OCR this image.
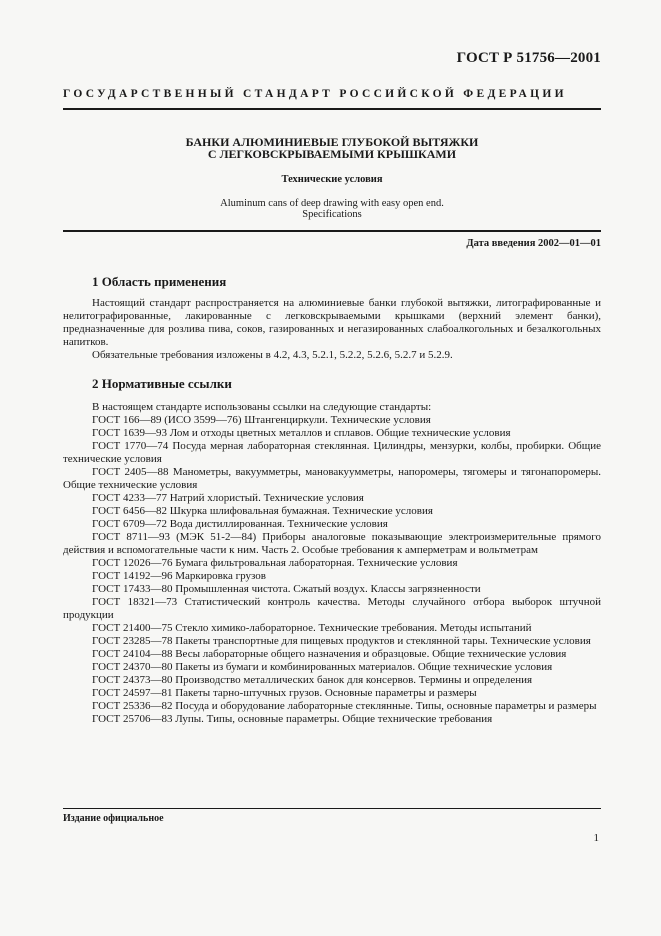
ГОСТ Р 51756—2001
ГОСУДАРСТВЕННЫЙ СТАНДАРТ РОССИЙСКОЙ ФЕДЕРАЦИИ
БАНКИ АЛЮМИНИЕВЫЕ ГЛУБОКОЙ ВЫТЯЖКИ
С ЛЕГКОВСКРЫВАЕМЫМИ КРЫШКАМИ
Технические условия
Aluminum cans of deep drawing with easy open end.
Specifications
Дата введения 2002—01—01
1 Область применения

Настоящий стандарт распространяется на алюминиевые банки глубокой вытяжки, литографированные и нелитографированные, лакированные с легковскрываемыми крышками (верхний элемент банки), предназначенные для розлива пива, соков, газированных и негазированных слабоалкогольных и безалкогольных напитков.

Обязательные требования изложены в 4.2, 4.3, 5.2.1, 5.2.2, 5.2.6, 5.2.7 и 5.2.9.

2 Нормативные ссылки

В настоящем стандарте использованы ссылки на следующие стандарты:

ГОСТ 166—89 (ИСО 3599—76) Штангенциркули. Технические условия

ГОСТ 1639—93 Лом и отходы цветных металлов и сплавов. Общие технические условия

ГОСТ 1770—74 Посуда мерная лабораторная стеклянная. Цилиндры, мензурки, колбы, пробирки. Общие технические условия

ГОСТ 2405—88 Манометры, вакуумметры, мановакуумметры, напоромеры, тягомеры и тягонапоромеры. Общие технические условия

ГОСТ 4233—77 Натрий хлористый. Технические условия

ГОСТ 6456—82 Шкурка шлифовальная бумажная. Технические условия

ГОСТ 6709—72 Вода дистиллированная. Технические условия

ГОСТ 8711—93 (МЭК 51-2—84) Приборы аналоговые показывающие электроизмерительные прямого действия и вспомогательные части к ним. Часть 2. Особые требования к амперметрам и вольтметрам

ГОСТ 12026—76 Бумага фильтровальная лабораторная. Технические условия

ГОСТ 14192—96 Маркировка грузов

ГОСТ 17433—80 Промышленная чистота. Сжатый воздух. Классы загрязненности

ГОСТ 18321—73 Статистический контроль качества. Методы случайного отбора выборок штучной продукции

ГОСТ 21400—75 Стекло химико-лабораторное. Технические требования. Методы испытаний

ГОСТ 23285—78 Пакеты транспортные для пищевых продуктов и стеклянной тары. Технические условия

ГОСТ 24104—88 Весы лабораторные общего назначения и образцовые. Общие технические условия

ГОСТ 24370—80 Пакеты из бумаги и комбинированных материалов. Общие технические условия

ГОСТ 24373—80 Производство металлических банок для консервов. Термины и определения

ГОСТ 24597—81 Пакеты тарно-штучных грузов. Основные параметры и размеры

ГОСТ 25336—82 Посуда и оборудование лабораторные стеклянные. Типы, основные параметры и размеры

ГОСТ 25706—83 Лупы. Типы, основные параметры. Общие технические требования

Издание официальное
1
